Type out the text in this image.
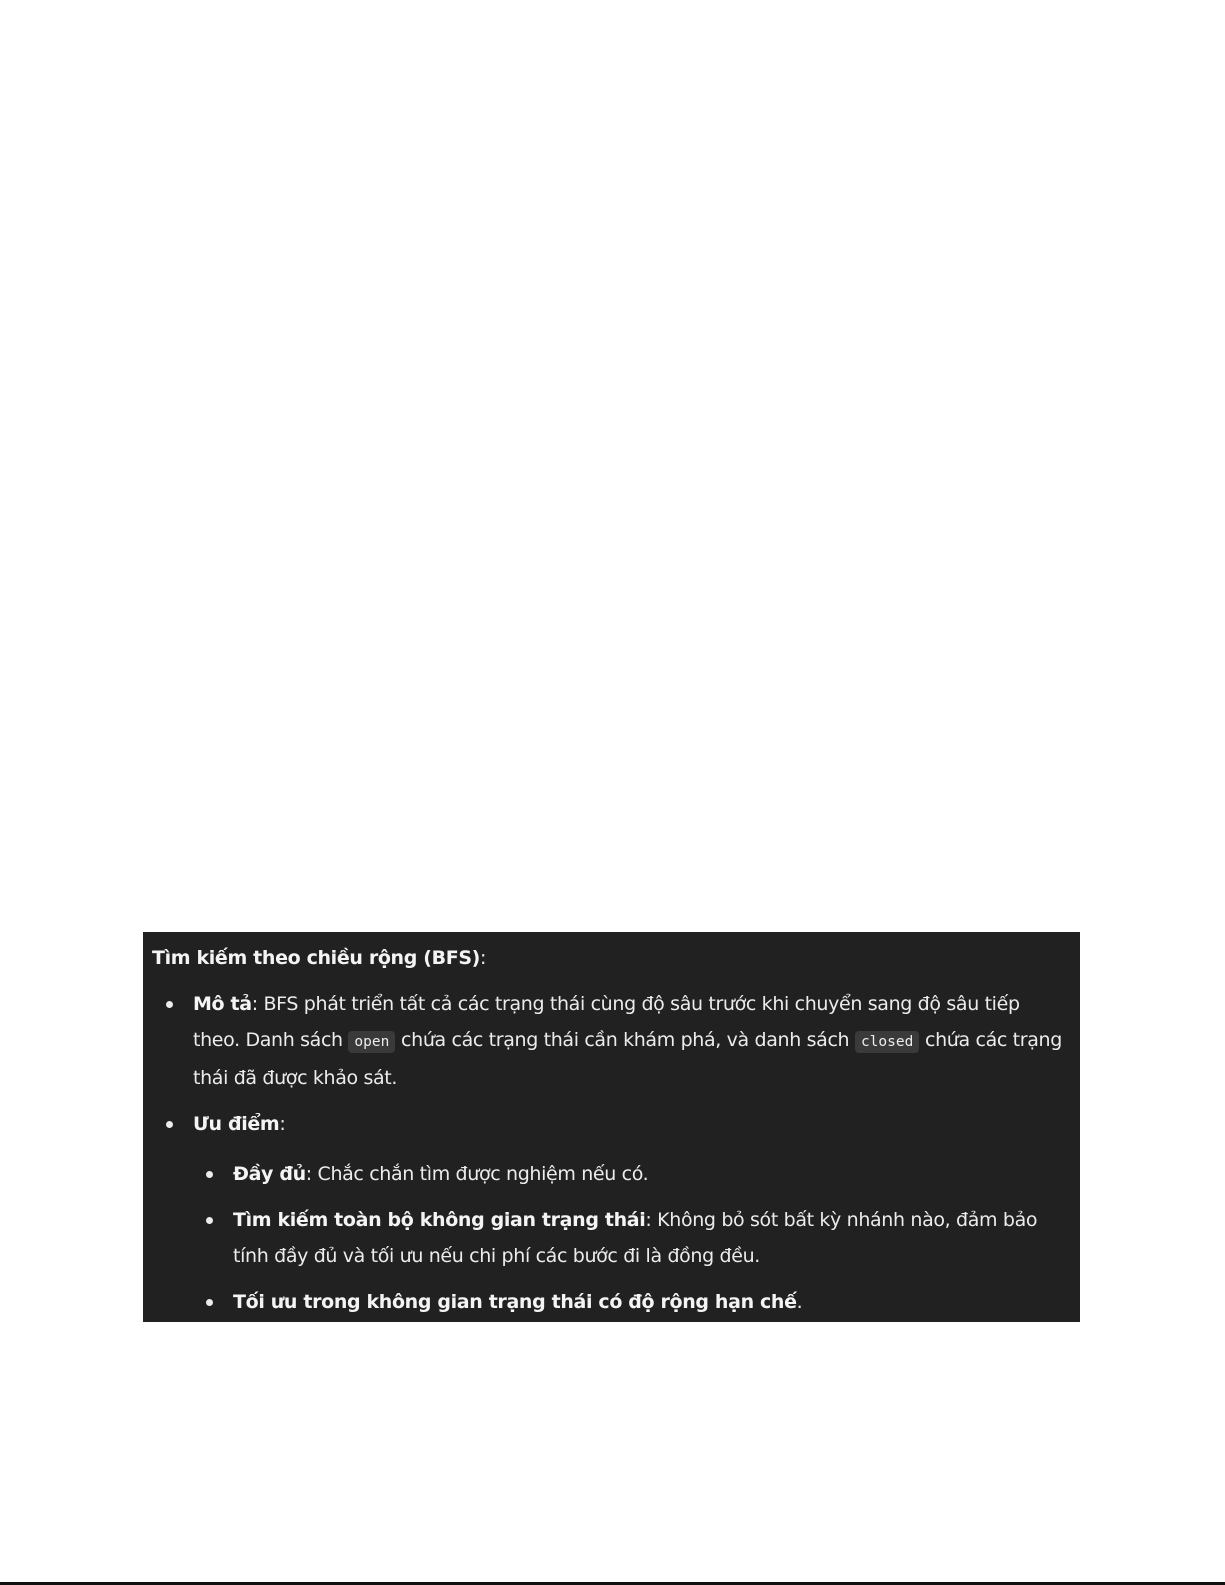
Tìm kiếm theo chiều rộng (BFS):
Mô tả: BFS phát triển tất cả các trạng thái cùng độ sâu trước khi chuyển sang độ sâu tiếp theo. Danh sách open chứa các trạng thái cần khám phá, và danh sách closed chứa các trạng thái đã được khảo sát.
Ưu điểm:
Đầy đủ: Chắc chắn tìm được nghiệm nếu có.
Tìm kiếm toàn bộ không gian trạng thái: Không bỏ sót bất kỳ nhánh nào, đảm bảo tính đầy đủ và tối ưu nếu chi phí các bước đi là đồng đều.
Tối ưu trong không gian trạng thái có độ rộng hạn chế.
